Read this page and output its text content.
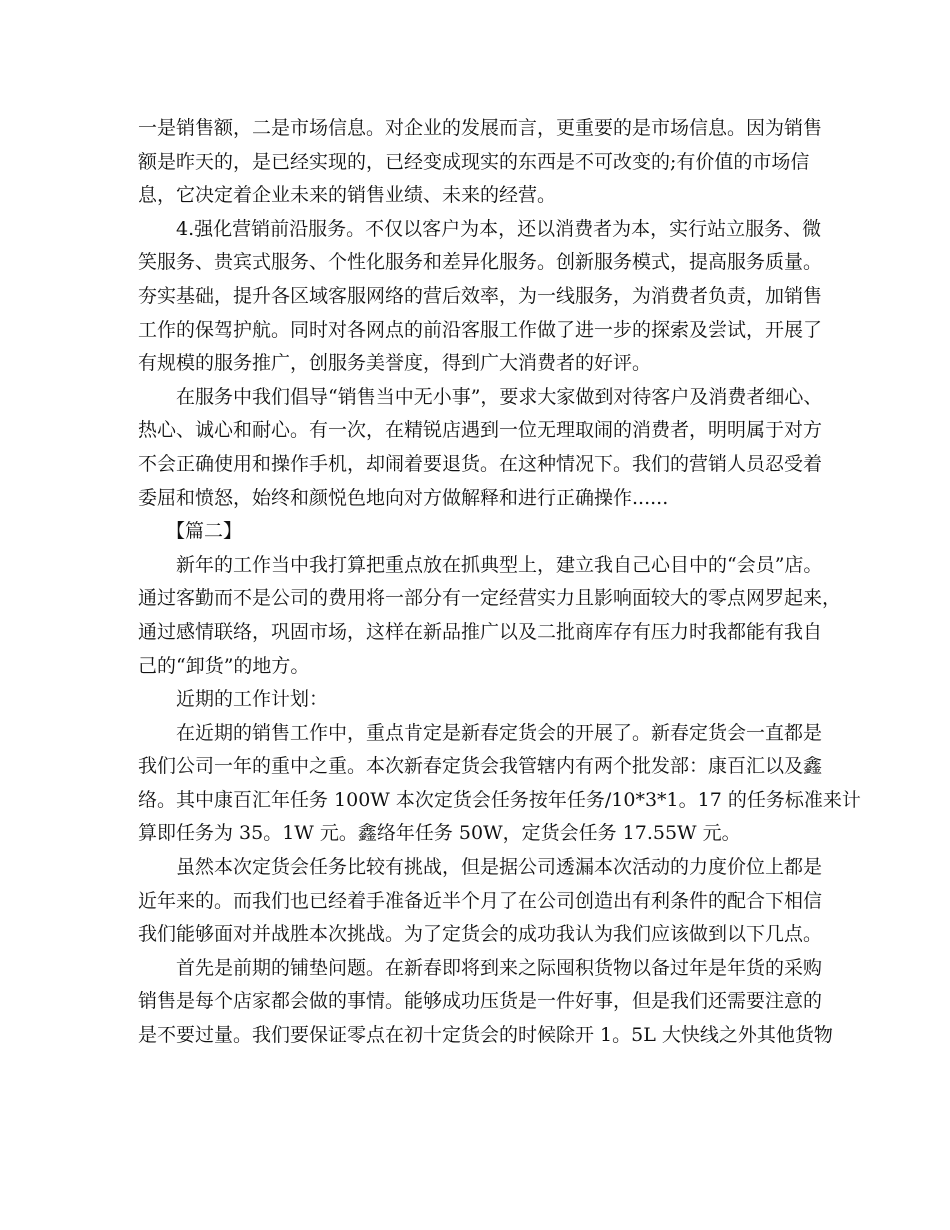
一是销售额，二是市场信息。对企业的发展而言，更重要的是市场信息。因为销售
额是昨天的，是已经实现的，已经变成现实的东西是不可改变的;有价值的市场信
息，它决定着企业未来的销售业绩、未来的经营。
4.强化营销前沿服务。不仅以客户为本，还以消费者为本，实行站立服务、微
笑服务、贵宾式服务、个性化服务和差异化服务。创新服务模式，提高服务质量。
夯实基础，提升各区域客服网络的营后效率，为一线服务，为消费者负责，加销售
工作的保驾护航。同时对各网点的前沿客服工作做了进一步的探索及尝试，开展了
有规模的服务推广，创服务美誉度，得到广大消费者的好评。
在服务中我们倡导“销售当中无小事”，要求大家做到对待客户及消费者细心、
热心、诚心和耐心。有一次，在精锐店遇到一位无理取闹的消费者，明明属于对方
不会正确使用和操作手机，却闹着要退货。在这种情况下。我们的营销人员忍受着
委屈和愤怒，始终和颜悦色地向对方做解释和进行正确操作......
【篇二】
新年的工作当中我打算把重点放在抓典型上，建立我自己心目中的“会员”店。
通过客勤而不是公司的费用将一部分有一定经营实力且影响面较大的零点网罗起来，
通过感情联络，巩固市场，这样在新品推广以及二批商库存有压力时我都能有我自
己的“卸货”的地方。
近期的工作计划：
在近期的销售工作中，重点肯定是新春定货会的开展了。新春定货会一直都是
我们公司一年的重中之重。本次新春定货会我管辖内有两个批发部：康百汇以及鑫
络。其中康百汇年任务 100W 本次定货会任务按年任务/10*3*1。17 的任务标准来计
算即任务为 35。1W 元。鑫络年任务 50W，定货会任务 17.55W 元。
虽然本次定货会任务比较有挑战，但是据公司透漏本次活动的力度价位上都是
近年来的。而我们也已经着手准备近半个月了在公司创造出有利条件的配合下相信
我们能够面对并战胜本次挑战。为了定货会的成功我认为我们应该做到以下几点。
首先是前期的铺垫问题。在新春即将到来之际囤积货物以备过年是年货的采购
销售是每个店家都会做的事情。能够成功压货是一件好事，但是我们还需要注意的
是不要过量。我们要保证零点在初十定货会的时候除开 1。5L 大快线之外其他货物
